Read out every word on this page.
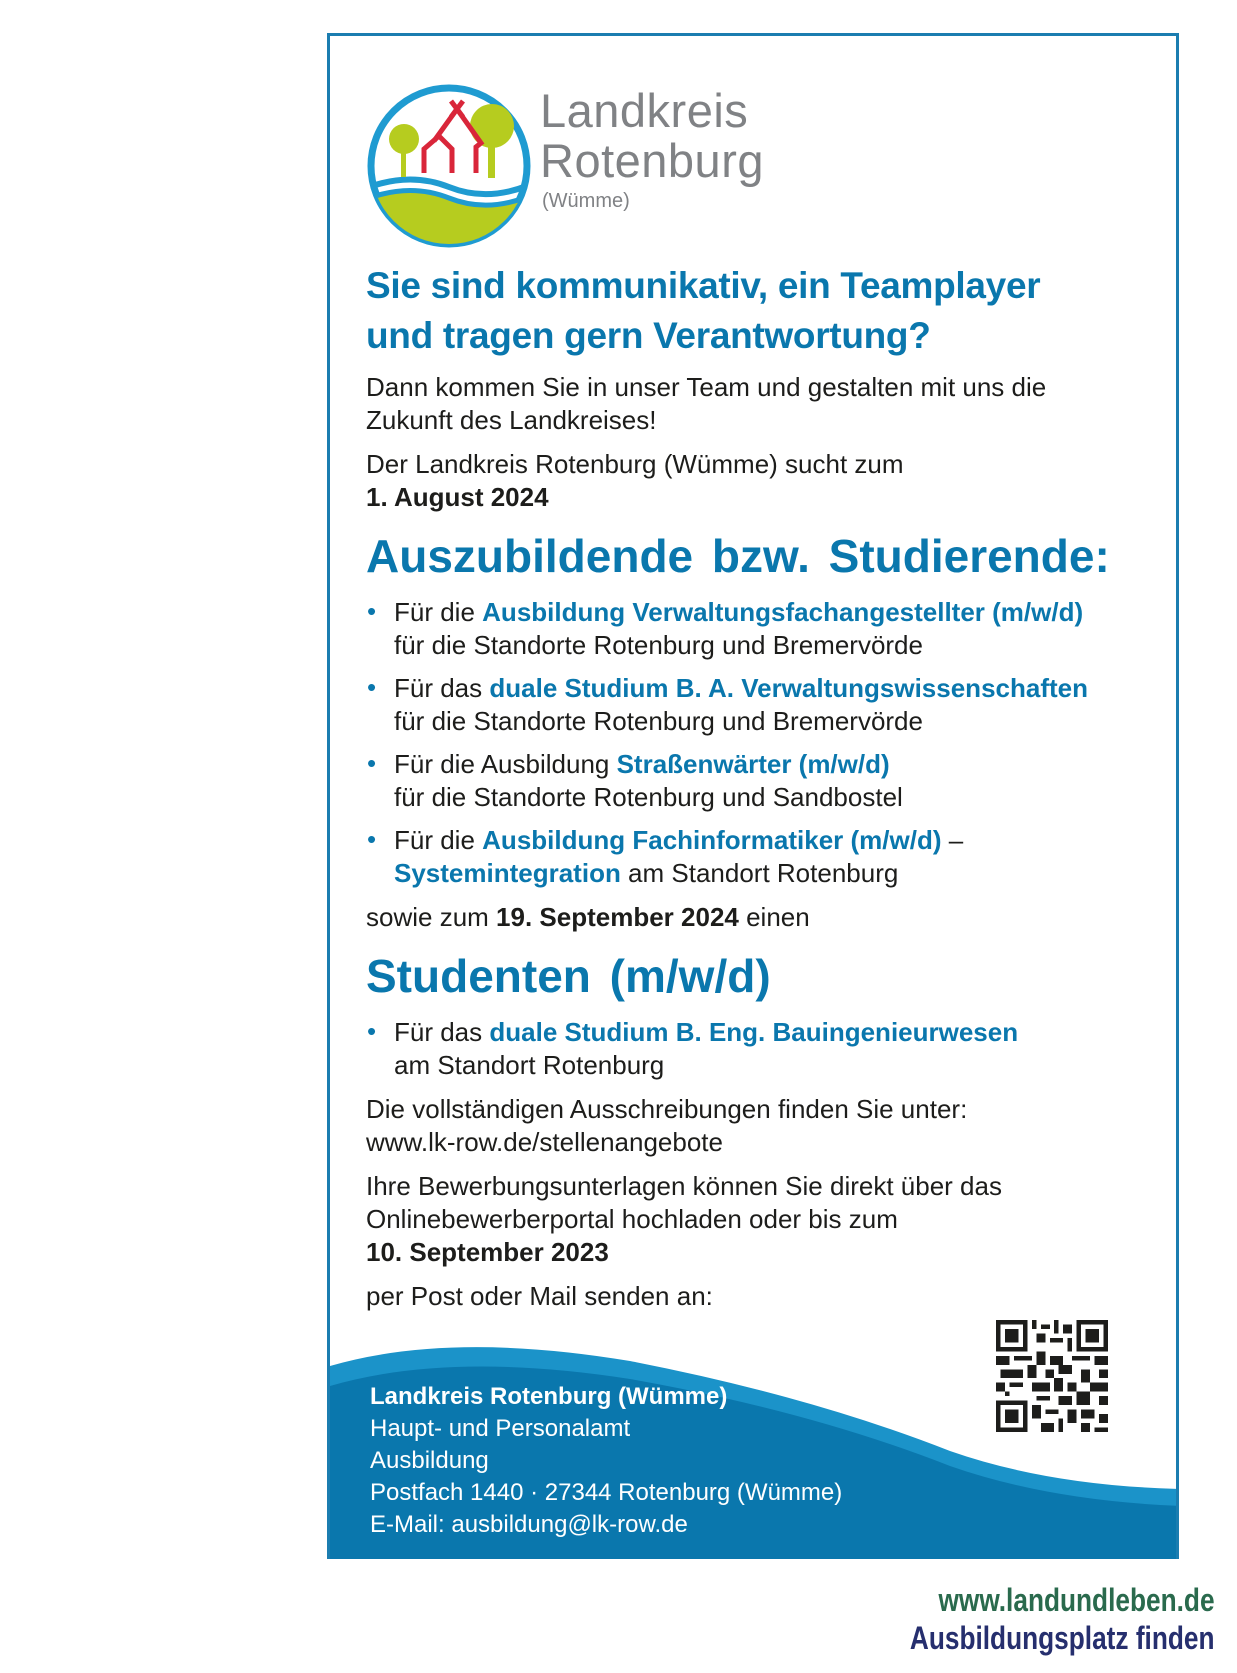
Landkreis
Rotenburg
(Wümme)
Sie sind kommunikativ, ein Teamplayer
und tragen gern Verantwortung?

Dann kommen Sie in unser Team und gestalten mit uns die
Zukunft des Landkreises!

Der Landkreis Rotenburg (Wümme) sucht zum
1. August 2024

Auszubildende bzw. Studierende:
• Für die Ausbildung Verwaltungsfachangestellter (m/w/d)
für die Standorte Rotenburg und Bremervörde
• Für das duale Studium B. A. Verwaltungswissenschaften
für die Standorte Rotenburg und Bremervörde
• Für die Ausbildung Straßenwärter (m/w/d)
für die Standorte Rotenburg und Sandbostel
• Für die Ausbildung Fachinformatiker (m/w/d) –
Systemintegration am Standort Rotenburg

sowie zum 19. September 2024 einen

Studenten (m/w/d)
• Für das duale Studium B. Eng. Bauingenieurwesen
am Standort Rotenburg

Die vollständigen Ausschreibungen finden Sie unter:
www.lk-row.de/stellenangebote

Ihre Bewerbungsunterlagen können Sie direkt über das
Onlinebewerberportal hochladen oder bis zum
10. September 2023

per Post oder Mail senden an:

Landkreis Rotenburg (Wümme)

Haupt- und Personalamt

Ausbildung

Postfach 1440 · 27344 Rotenburg (Wümme)

E-Mail: ausbildung@lk-row.de

www.landundleben.de
Ausbildungsplatz finden
